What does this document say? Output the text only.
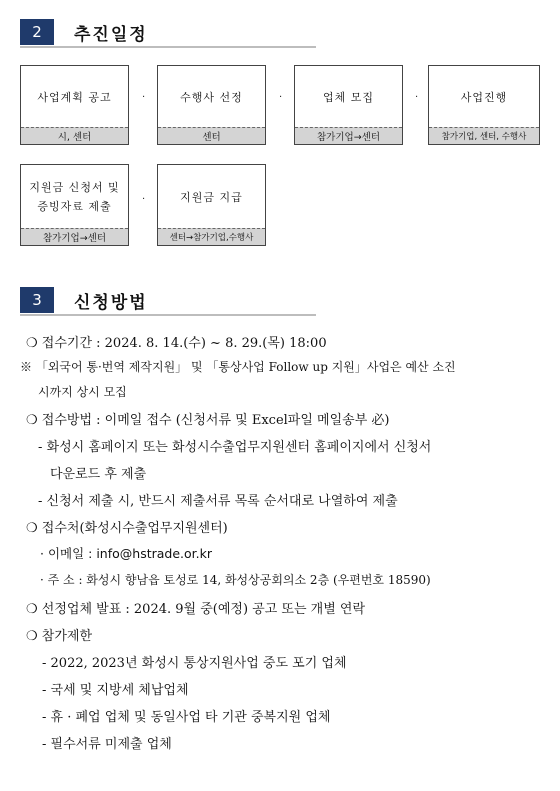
2	추진일정
사업계획 공고
시, 센터
·	수행사 선정
센터
·	업체 모집
참가기업→센터
·	사업진행
참가기업, 센터, 수행사
지원금 신청서 및
증빙자료 제출
참가기업→센터
·	지원금 지급
센터→참가기업,수행사
3	신청방법
❍ 접수기간 : 2024. 8. 14.(수) ~ 8. 29.(목) 18:00
※ 「외국어 통·번역 제작지원」 및 「통상사업 Follow up 지원」사업은 예산 소진
시까지 상시 모집
❍ 접수방법 : 이메일 접수 (신청서류 및 Excel파일 메일송부 必)
- 화성시 홈페이지 또는 화성시수출업무지원센터 홈페이지에서 신청서
다운로드 후 제출
- 신청서 제출 시, 반드시 제출서류 목록 순서대로 나열하여 제출
❍ 접수처(화성시수출업무지원센터)
· 이메일 : info@hstrade.or.kr
· 주 소 : 화성시 향남읍 토성로 14, 화성상공회의소 2층 (우편번호 18590)
❍ 선정업체 발표 : 2024. 9월 중(예정) 공고 또는 개별 연락
❍ 참가제한
- 2022, 2023년 화성시 통상지원사업 중도 포기 업체
- 국세 및 지방세 체납업체
- 휴 · 폐업 업체 및 동일사업 타 기관 중복지원 업체
- 필수서류 미제출 업체
